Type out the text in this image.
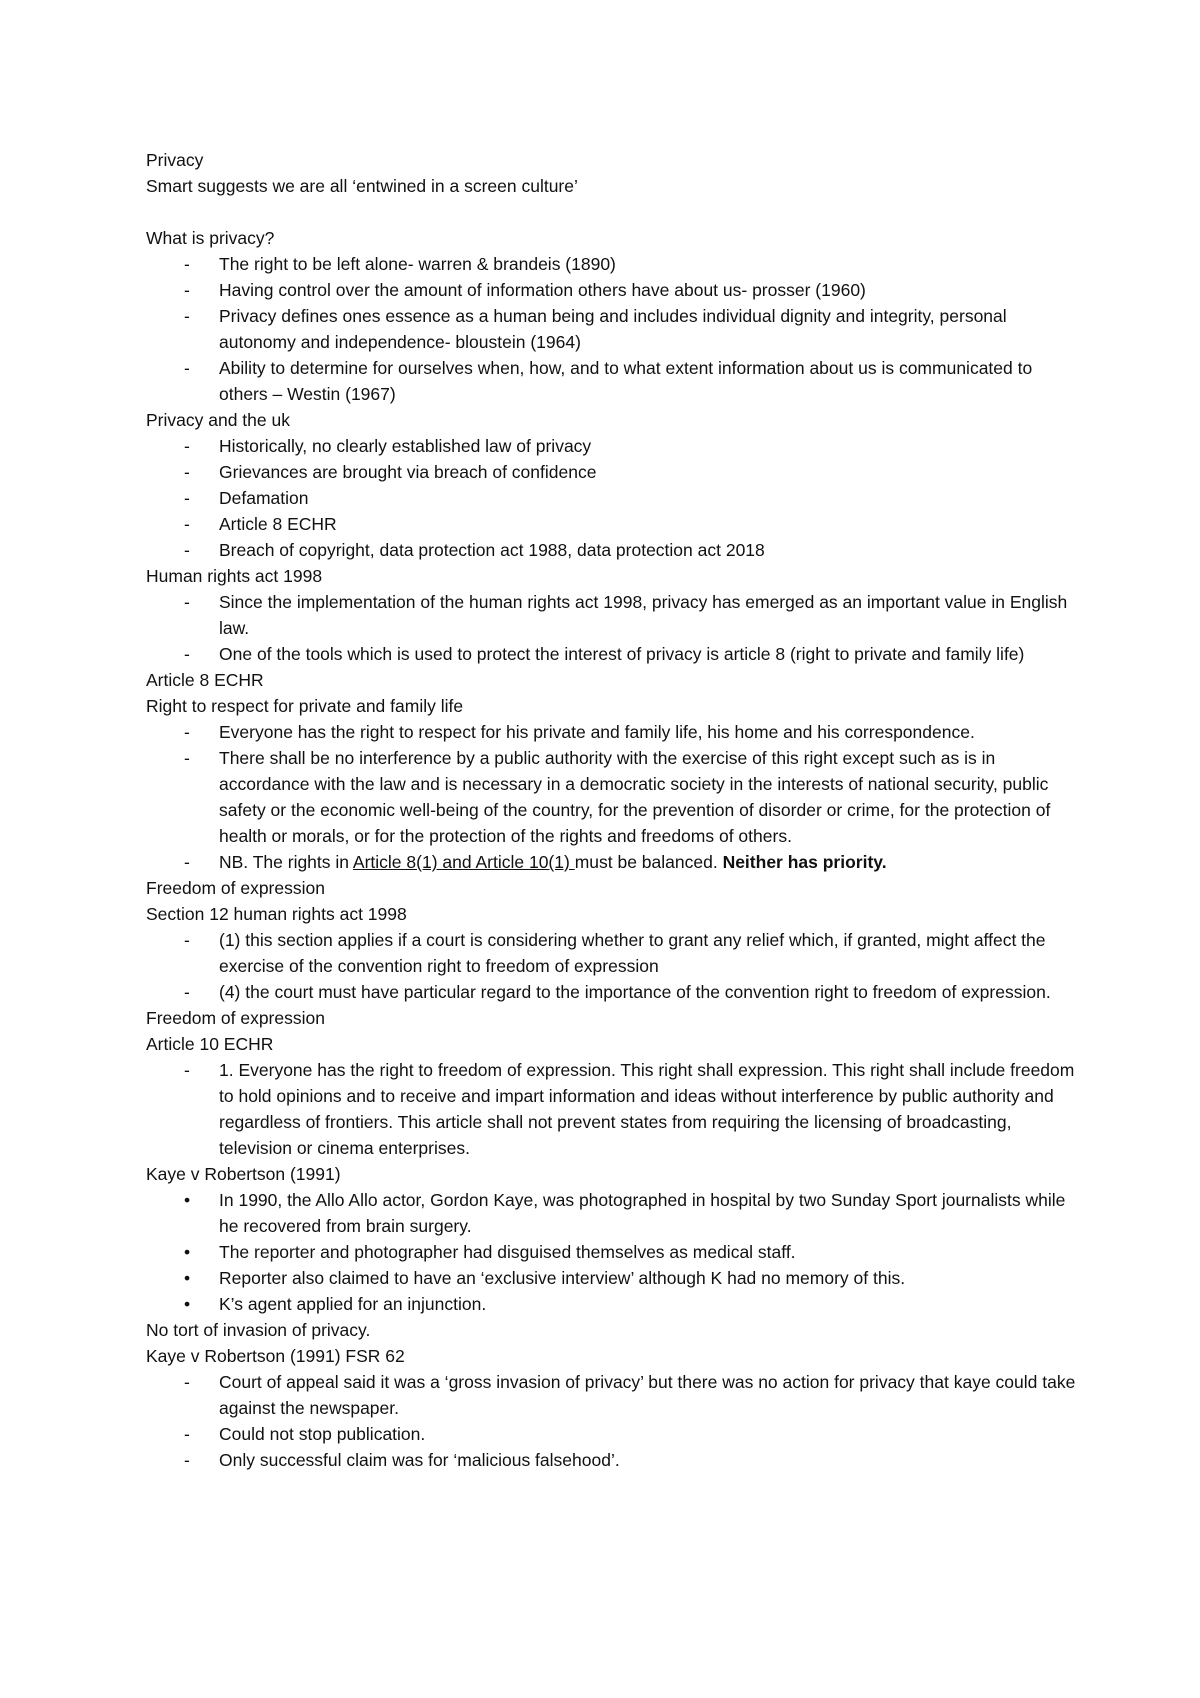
Privacy
Smart suggests we are all ‘entwined in a screen culture’
What is privacy?
-	The right to be left alone- warren & brandeis (1890)
-	Having control over the amount of information others have about us- prosser (1960)
-	Privacy defines ones essence as a human being and includes individual dignity and integrity, personal autonomy and independence- bloustein (1964)
-	Ability to determine for ourselves when, how, and to what extent information about us is communicated to others – Westin (1967)
Privacy and the uk
-	Historically, no clearly established law of privacy
-	Grievances are brought via breach of confidence
-	Defamation
-	Article 8 ECHR
-	Breach of copyright, data protection act 1988, data protection act 2018
Human rights act 1998
-	Since the implementation of the human rights act 1998, privacy has emerged as an important value in English law.
-	One of the tools which is used to protect the interest of privacy is article 8 (right to private and family life)
Article 8 ECHR
Right to respect for private and family life
-	Everyone has the right to respect for his private and family life, his home and his correspondence.
-	There shall be no interference by a public authority with the exercise of this right except such as is in accordance with the law and is necessary in a democratic society in the interests of national security, public safety or the economic well-being of the country, for the prevention of disorder or crime, for the protection of health or morals, or for the protection of the rights and freedoms of others.
-	NB. The rights in Article 8(1) and Article 10(1) must be balanced. Neither has priority.
Freedom of expression
Section 12 human rights act 1998
-	(1) this section applies if a court is considering whether to grant any relief which, if granted, might affect the exercise of the convention right to freedom of expression
-	(4) the court must have particular regard to the importance of the convention right to freedom of expression.
Freedom of expression
Article 10 ECHR
-	1. Everyone has the right to freedom of expression. This right shall expression. This right shall include freedom to hold opinions and to receive and impart information and ideas without interference by public authority and regardless of frontiers. This article shall not prevent states from requiring the licensing of broadcasting, television or cinema enterprises.
Kaye v Robertson (1991)
•	In 1990, the Allo Allo actor, Gordon Kaye, was photographed in hospital by two Sunday Sport journalists while he recovered from brain surgery.
•	The reporter and photographer had disguised themselves as medical staff.
•	Reporter also claimed to have an ‘exclusive interview’ although K had no memory of this.
•	K’s agent applied for an injunction.
No tort of invasion of privacy.
Kaye v Robertson (1991) FSR 62
-	Court of appeal said it was a ‘gross invasion of privacy’ but there was no action for privacy that kaye could take against the newspaper.
-	Could not stop publication.
-	Only successful claim was for ‘malicious falsehood’.
